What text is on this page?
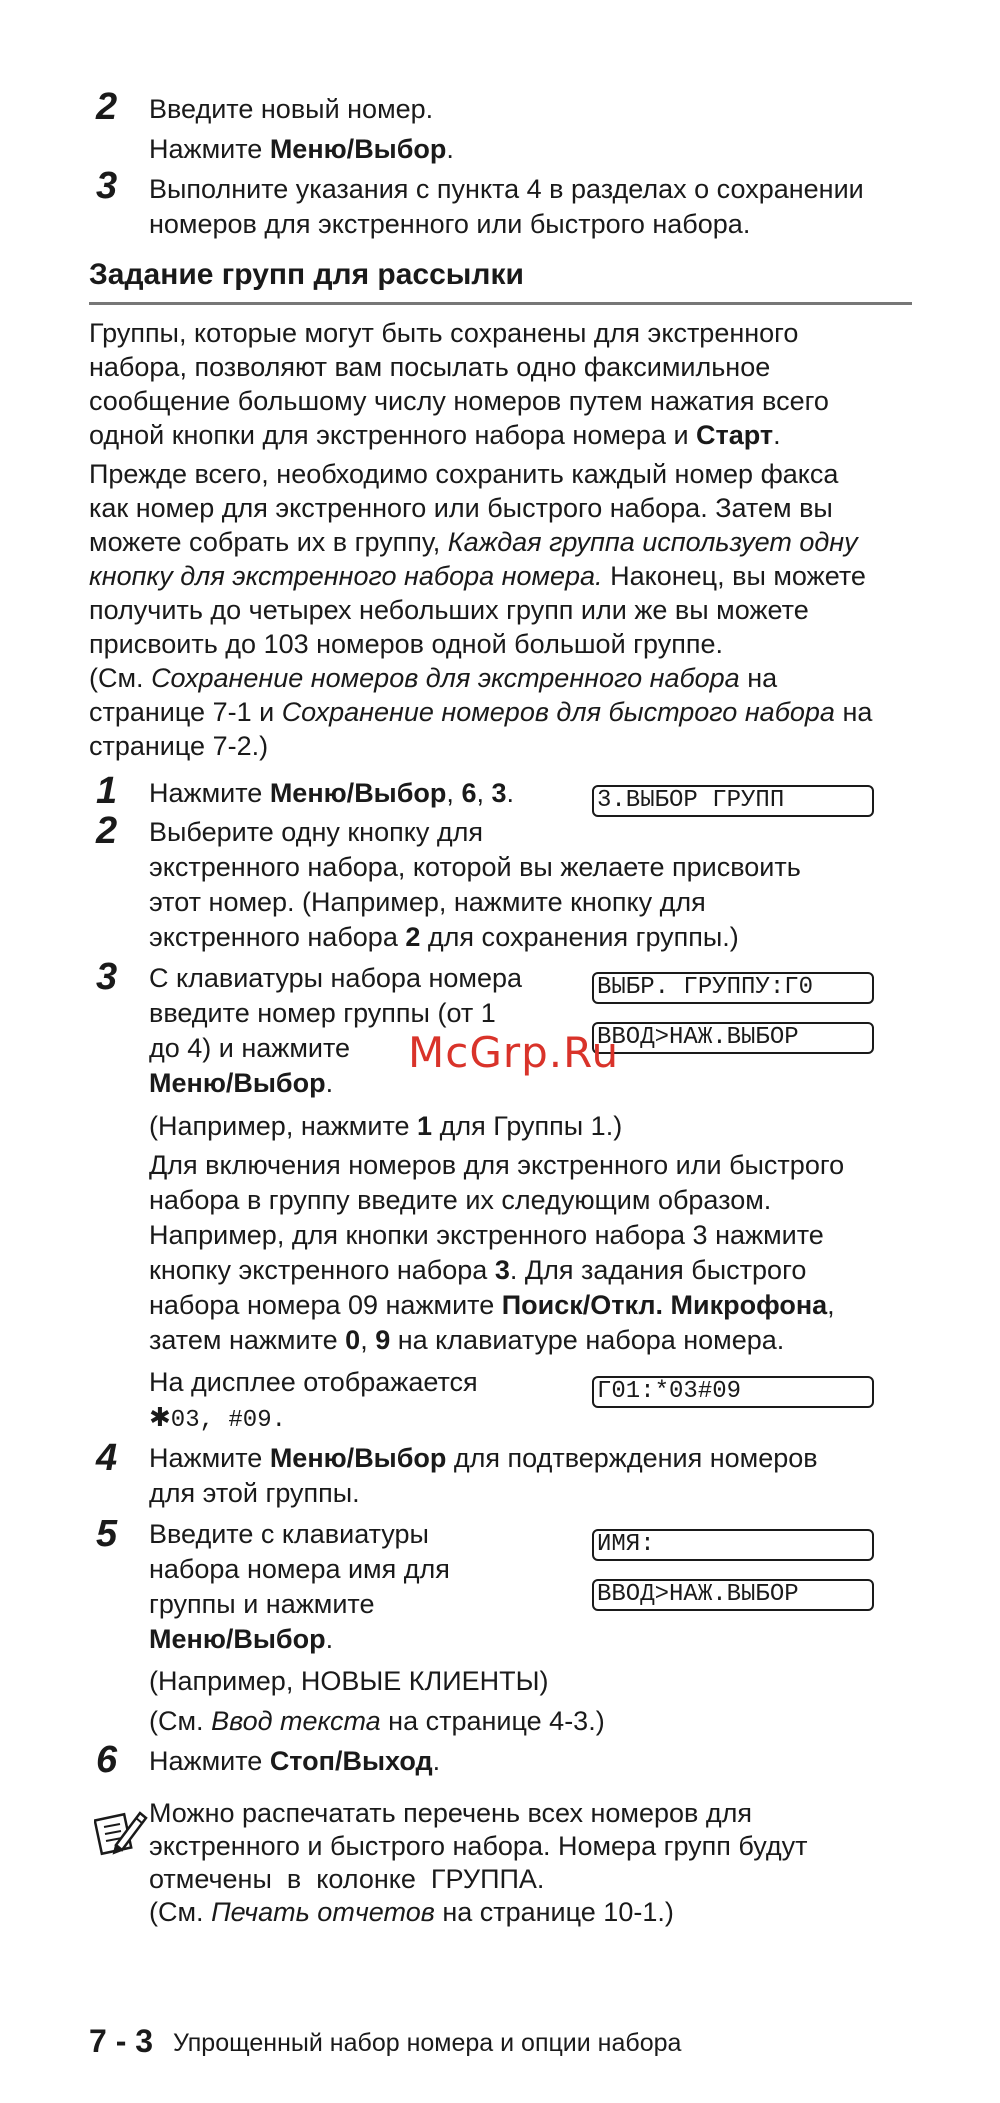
2 Введите новый номер.
Нажмите Меню/Выбор.
3 Выполните указания с пункта 4 в разделах о сохранении
номеров для экстренного или быстрого набора.
Задание групп для рассылки
Группы, которые могут быть сохранены для экстренного
набора, позволяют вам посылать одно факсимильное
сообщение большому числу номеров путем нажатия всего
одной кнопки для экстренного набора номера и Старт.
Прежде всего, необходимо сохранить каждый номер факса
как номер для экстренного или быстрого набора. Затем вы
можете собрать их в группу, Каждая группа использует одну
кнопку для экстренного набора номера. Наконец, вы можете
получить до четырех небольших групп или же вы можете
присвоить до 103 номеров одной большой группе.
(См. Сохранение номеров для экстренного набора на
странице 7-1 и Сохранение номеров для быстрого набора на
странице 7-2.)
1 Нажмите Меню/Выбор, 6, 3.	3.ВЫБОР ГРУПП
2 Выберите одну кнопку для
экстренного набора, которой вы желаете присвоить
этот номер. (Например, нажмите кнопку для
экстренного набора 2 для сохранения группы.)
3 С клавиатуры набора номера
введите номер группы (от 1
до 4) и нажмите
Меню/Выбор.
ВЫБР. ГРУППУ:Г0
ВВОД>НАЖ.ВЫБОР
McGrp.Ru
(Например, нажмите 1 для Группы 1.)
Для включения номеров для экстренного или быстрого
набора в группу введите их следующим образом.
Например, для кнопки экстренного набора 3 нажмите
кнопку экстренного набора 3. Для задания быстрого
набора номера 09 нажмите Поиск/Откл. Микрофона,
затем нажмите 0, 9 на клавиатуре набора номера.
На дисплее отображается
✱03, #09.
Г01:*03#09
4 Нажмите Меню/Выбор для подтверждения номеров
для этой группы.
5 Введите с клавиатуры
набора номера имя для
группы и нажмите
Меню/Выбор.
ИМЯ:
ВВОД>НАЖ.ВЫБОР
(Например, НОВЫЕ КЛИЕНТЫ)
(См. Ввод текста на странице 4-3.)
6 Нажмите Стоп/Выход.
Можно распечатать перечень всех номеров для
экстренного и быстрого набора. Номера групп будут
отмечены  в  колонке  ГРУППА.
(См. Печать отчетов на странице 10-1.)
7 - 3 Упрощенный набор номера и опции набора
